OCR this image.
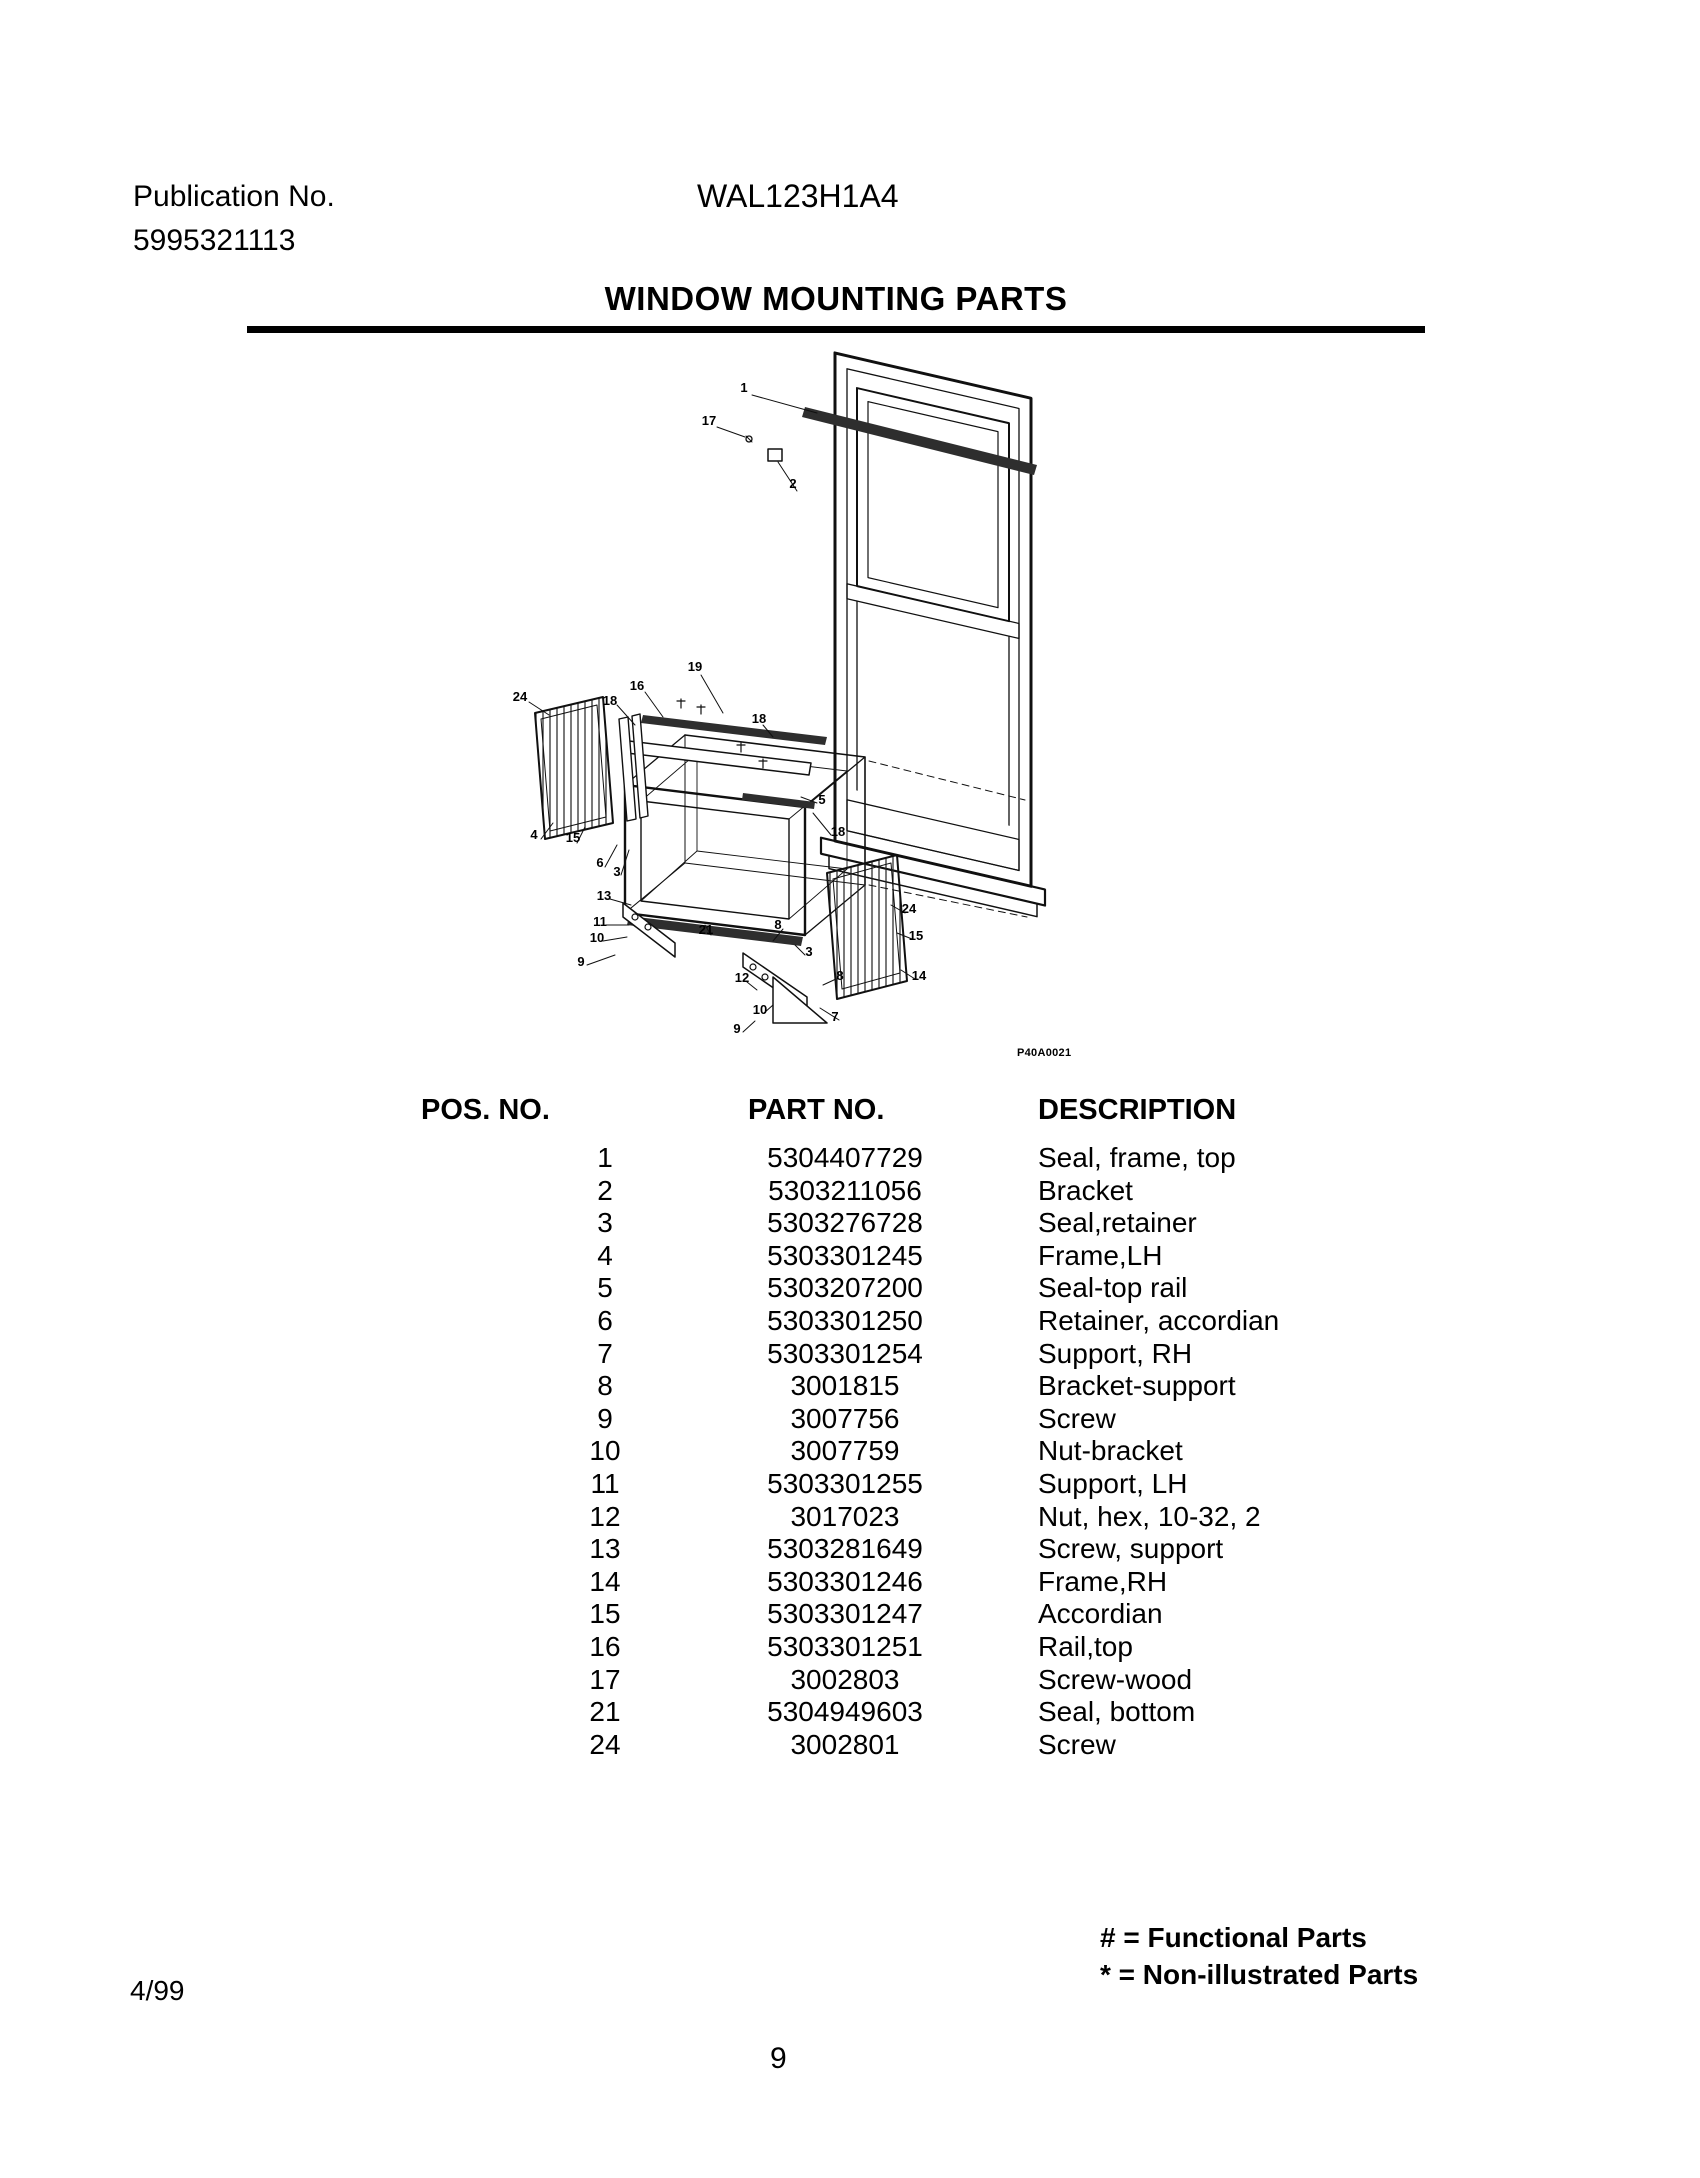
Publication No.
5995321113
WAL123H1A4
WINDOW MOUNTING PARTS
1
17
2
24	18
16
19
18
5
18
4 15
6
3
13
11
10
9
21	8
3
8
12
10	7
9
24
15
14
P40A0021
POS. NO.	PART NO.	DESCRIPTION
1	5304407729	Seal, frame, top
2	5303211056	Bracket
3	5303276728	Seal,retainer
4	5303301245	Frame,LH
5	5303207200	Seal-top rail
6	5303301250	Retainer, accordian
7	5303301254	Support, RH
8	3001815	Bracket-support
9	3007756	Screw
10	3007759	Nut-bracket
11	5303301255	Support, LH
12	3017023	Nut, hex, 10-32, 2
13	5303281649	Screw, support
14	5303301246	Frame,RH
15	5303301247	Accordian
16	5303301251	Rail,top
17	3002803	Screw-wood
21	5304949603	Seal, bottom
24	3002801	Screw
# = Functional Parts
* = Non-illustrated Parts
4/99
9
